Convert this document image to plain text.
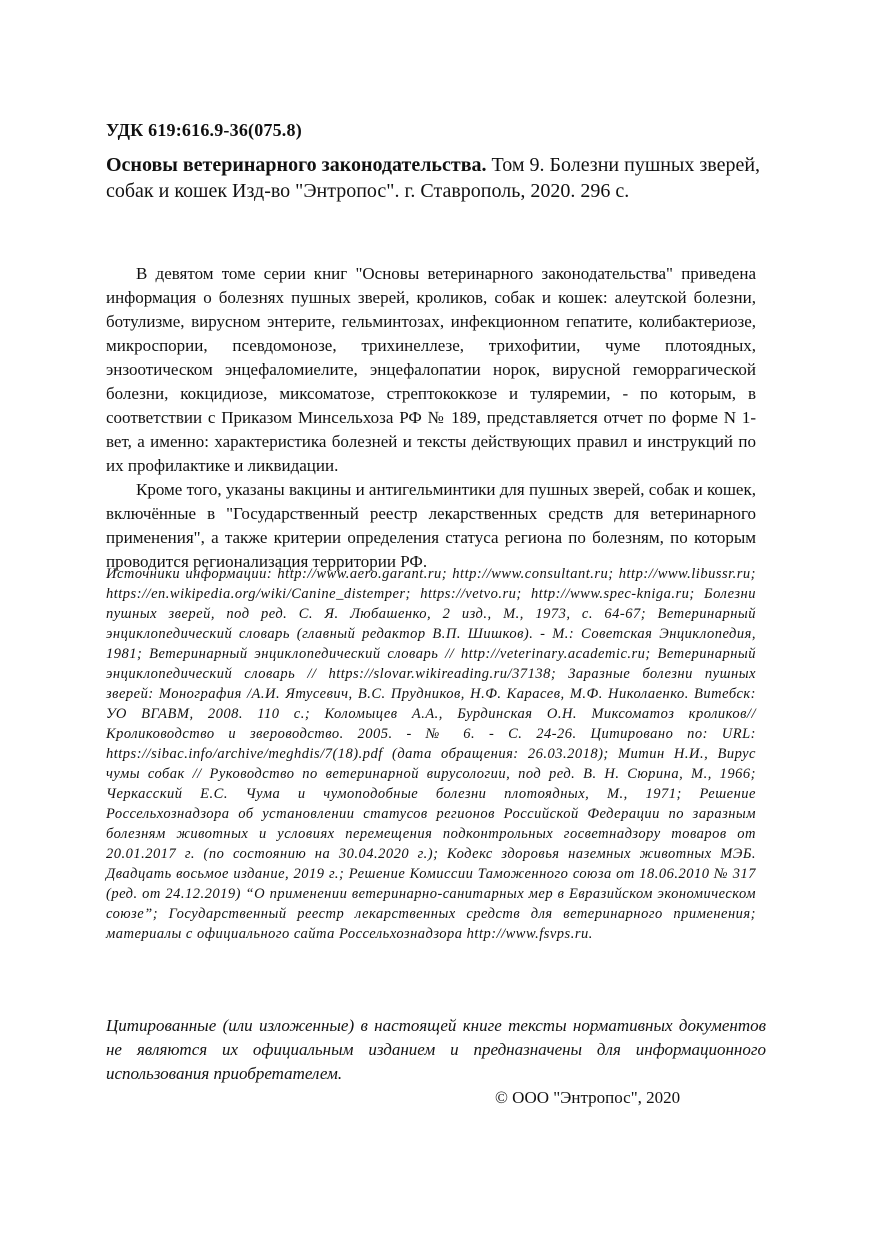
УДК 619:616.9-36(075.8)
Основы ветеринарного законодательства. Том 9. Болезни пушных зверей, собак и кошек Изд-во "Энтропос". г. Ставрополь, 2020. 296 с.

В девятом томе серии книг "Основы ветеринарного законодательства" приведена информация о болезнях пушных зверей, кроликов, собак и кошек: алеутской болезни, ботулизме, вирусном энтерите, гельминтозах, инфекционном гепатите, колибактериозе, микроспории, псевдомонозе, трихинеллезе, трихофитии, чуме плотоядных, энзоотическом энцефаломиелите, энцефалопатии норок, вирусной геморрагической болезни, кокцидиозе, миксоматозе, стрептококкозе и туляремии, - по которым, в соответствии с Приказом Минсельхоза РФ № 189, представляется отчет по форме N 1-вет, а именно: характеристика болезней и тексты действующих правил и инструкций по их профилактике и ликвидации.

Кроме того, указаны вакцины и антигельминтики для пушных зверей, собак и кошек, включённые в "Государственный реестр лекарственных средств для ветеринарного применения", а также критерии определения статуса региона по болезням, по которым проводится регионализация территории РФ.

Источники информации: http://www.aero.garant.ru; http://www.consultant.ru; http://www.libussr.ru; https://en.wikipedia.org/wiki/Canine_distemper; https://vetvo.ru; http://www.spec-kniga.ru; Болезни пушных зверей, под ред. С. Я. Любашенко, 2 изд., М., 1973, с. 64-67; Ветеринарный энциклопедический словарь (главный редактор В.П. Шишков). - М.: Советская Энциклопедия, 1981; Ветеринарный энциклопедический словарь // http://veterinary.academic.ru; Ветеринарный энциклопедический словарь // https://slovar.wikireading.ru/37138; Заразные болезни пушных зверей: Монография /А.И. Ятусевич, В.С. Прудников, Н.Ф. Карасев, М.Ф. Николаенко. Витебск: УО ВГАВМ, 2008. 110 с.; Коломыцев А.А., Бурдинская О.Н. Миксоматоз кроликов// Кролиководство и звероводство. 2005. - № 6. - С. 24-26. Цитировано по: URL: https://sibac.info/archive/meghdis/7(18).pdf (дата обращения: 26.03.2018); Митин Н.И., Вирус чумы собак // Руководство по ветеринарной вирусологии, под ред. В. Н. Сюрина, М., 1966; Черкасский Е.С. Чума и чумоподобные болезни плотоядных, М., 1971; Решение Россельхознадзора об установлении статусов регионов Российской Федерации по заразным болезням животных и условиях перемещения подконтрольных госветнадзору товаров от 20.01.2017 г. (по состоянию на 30.04.2020 г.); Кодекс здоровья наземных животных МЭБ. Двадцать восьмое издание, 2019 г.; Решение Комиссии Таможенного союза от 18.06.2010 № 317 (ред. от 24.12.2019) “О применении ветеринарно-санитарных мер в Евразийском экономическом союзе”; Государственный реестр лекарственных средств для ветеринарного применения; материалы с официального сайта Россельхознадзора http://www.fsvps.ru.
Цитированные (или изложенные) в настоящей книге тексты нормативных документов не являются их официальным изданием и предназначены для информационного использования приобретателем.
© ООО "Энтропос", 2020
